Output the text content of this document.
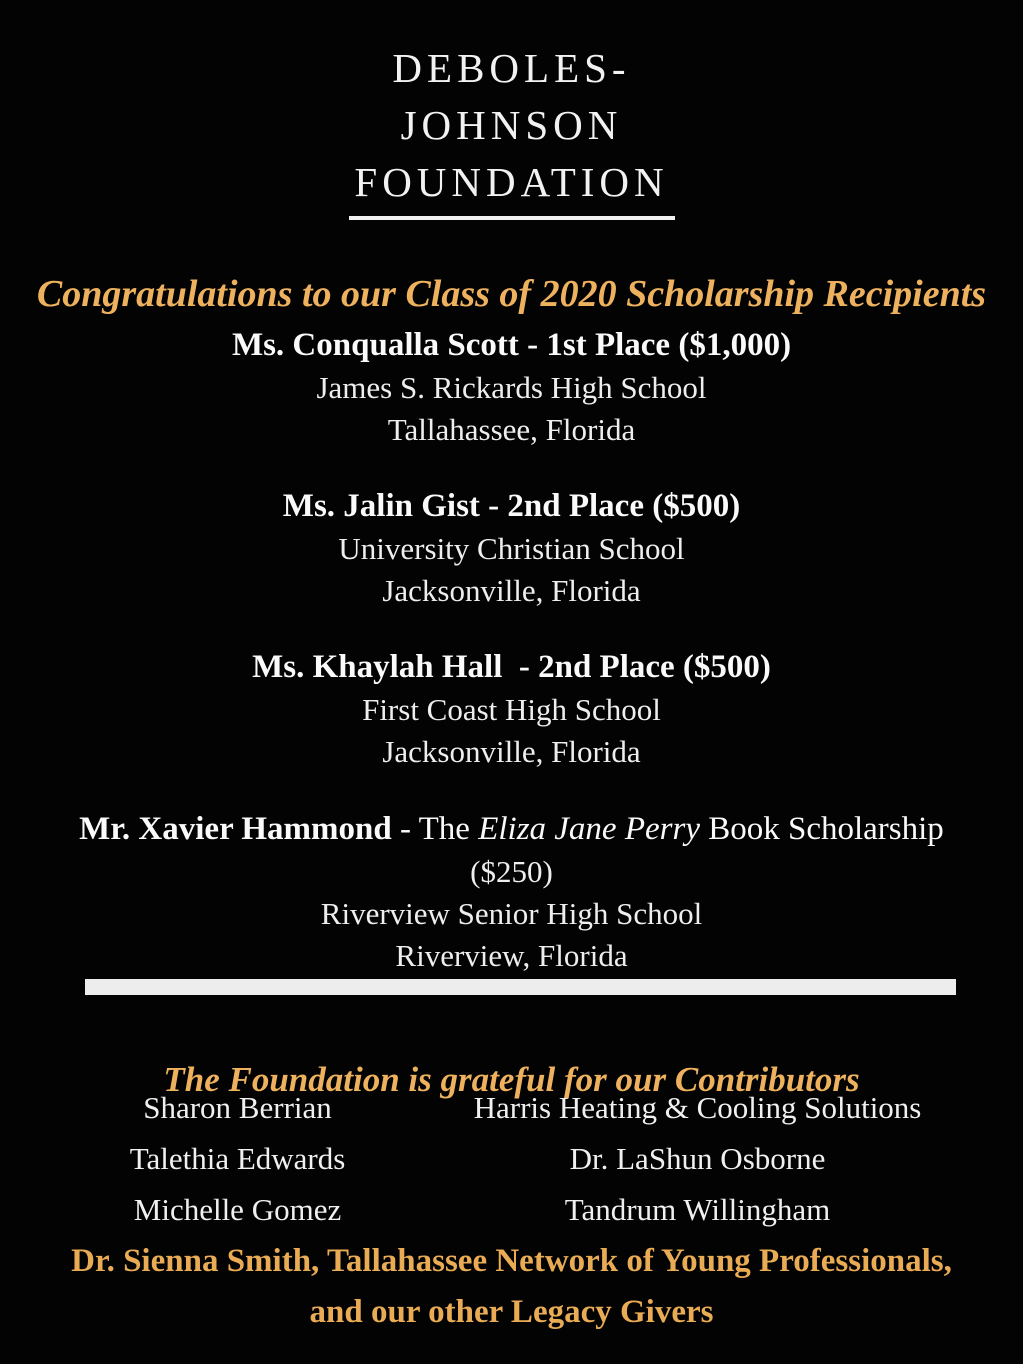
DEBOLES-
JOHNSON
FOUNDATION
Congratulations to our Class of 2020 Scholarship Recipients
Ms. Conqualla Scott - 1st Place ($1,000)
James S. Rickards High School
Tallahassee, Florida
Ms. Jalin Gist - 2nd Place ($500)
University Christian School
Jacksonville, Florida
Ms. Khaylah Hall  - 2nd Place ($500)
First Coast High School
Jacksonville, Florida
Mr. Xavier Hammond - The Eliza Jane Perry Book Scholarship
($250)
Riverview Senior High School
Riverview, Florida
The Foundation is grateful for our Contributors
Sharon Berrian	Harris Heating & Cooling Solutions
Talethia Edwards	Dr. LaShun Osborne
Michelle Gomez	Tandrum Willingham
Dr. Sienna Smith, Tallahassee Network of Young Professionals,
and our other Legacy Givers
